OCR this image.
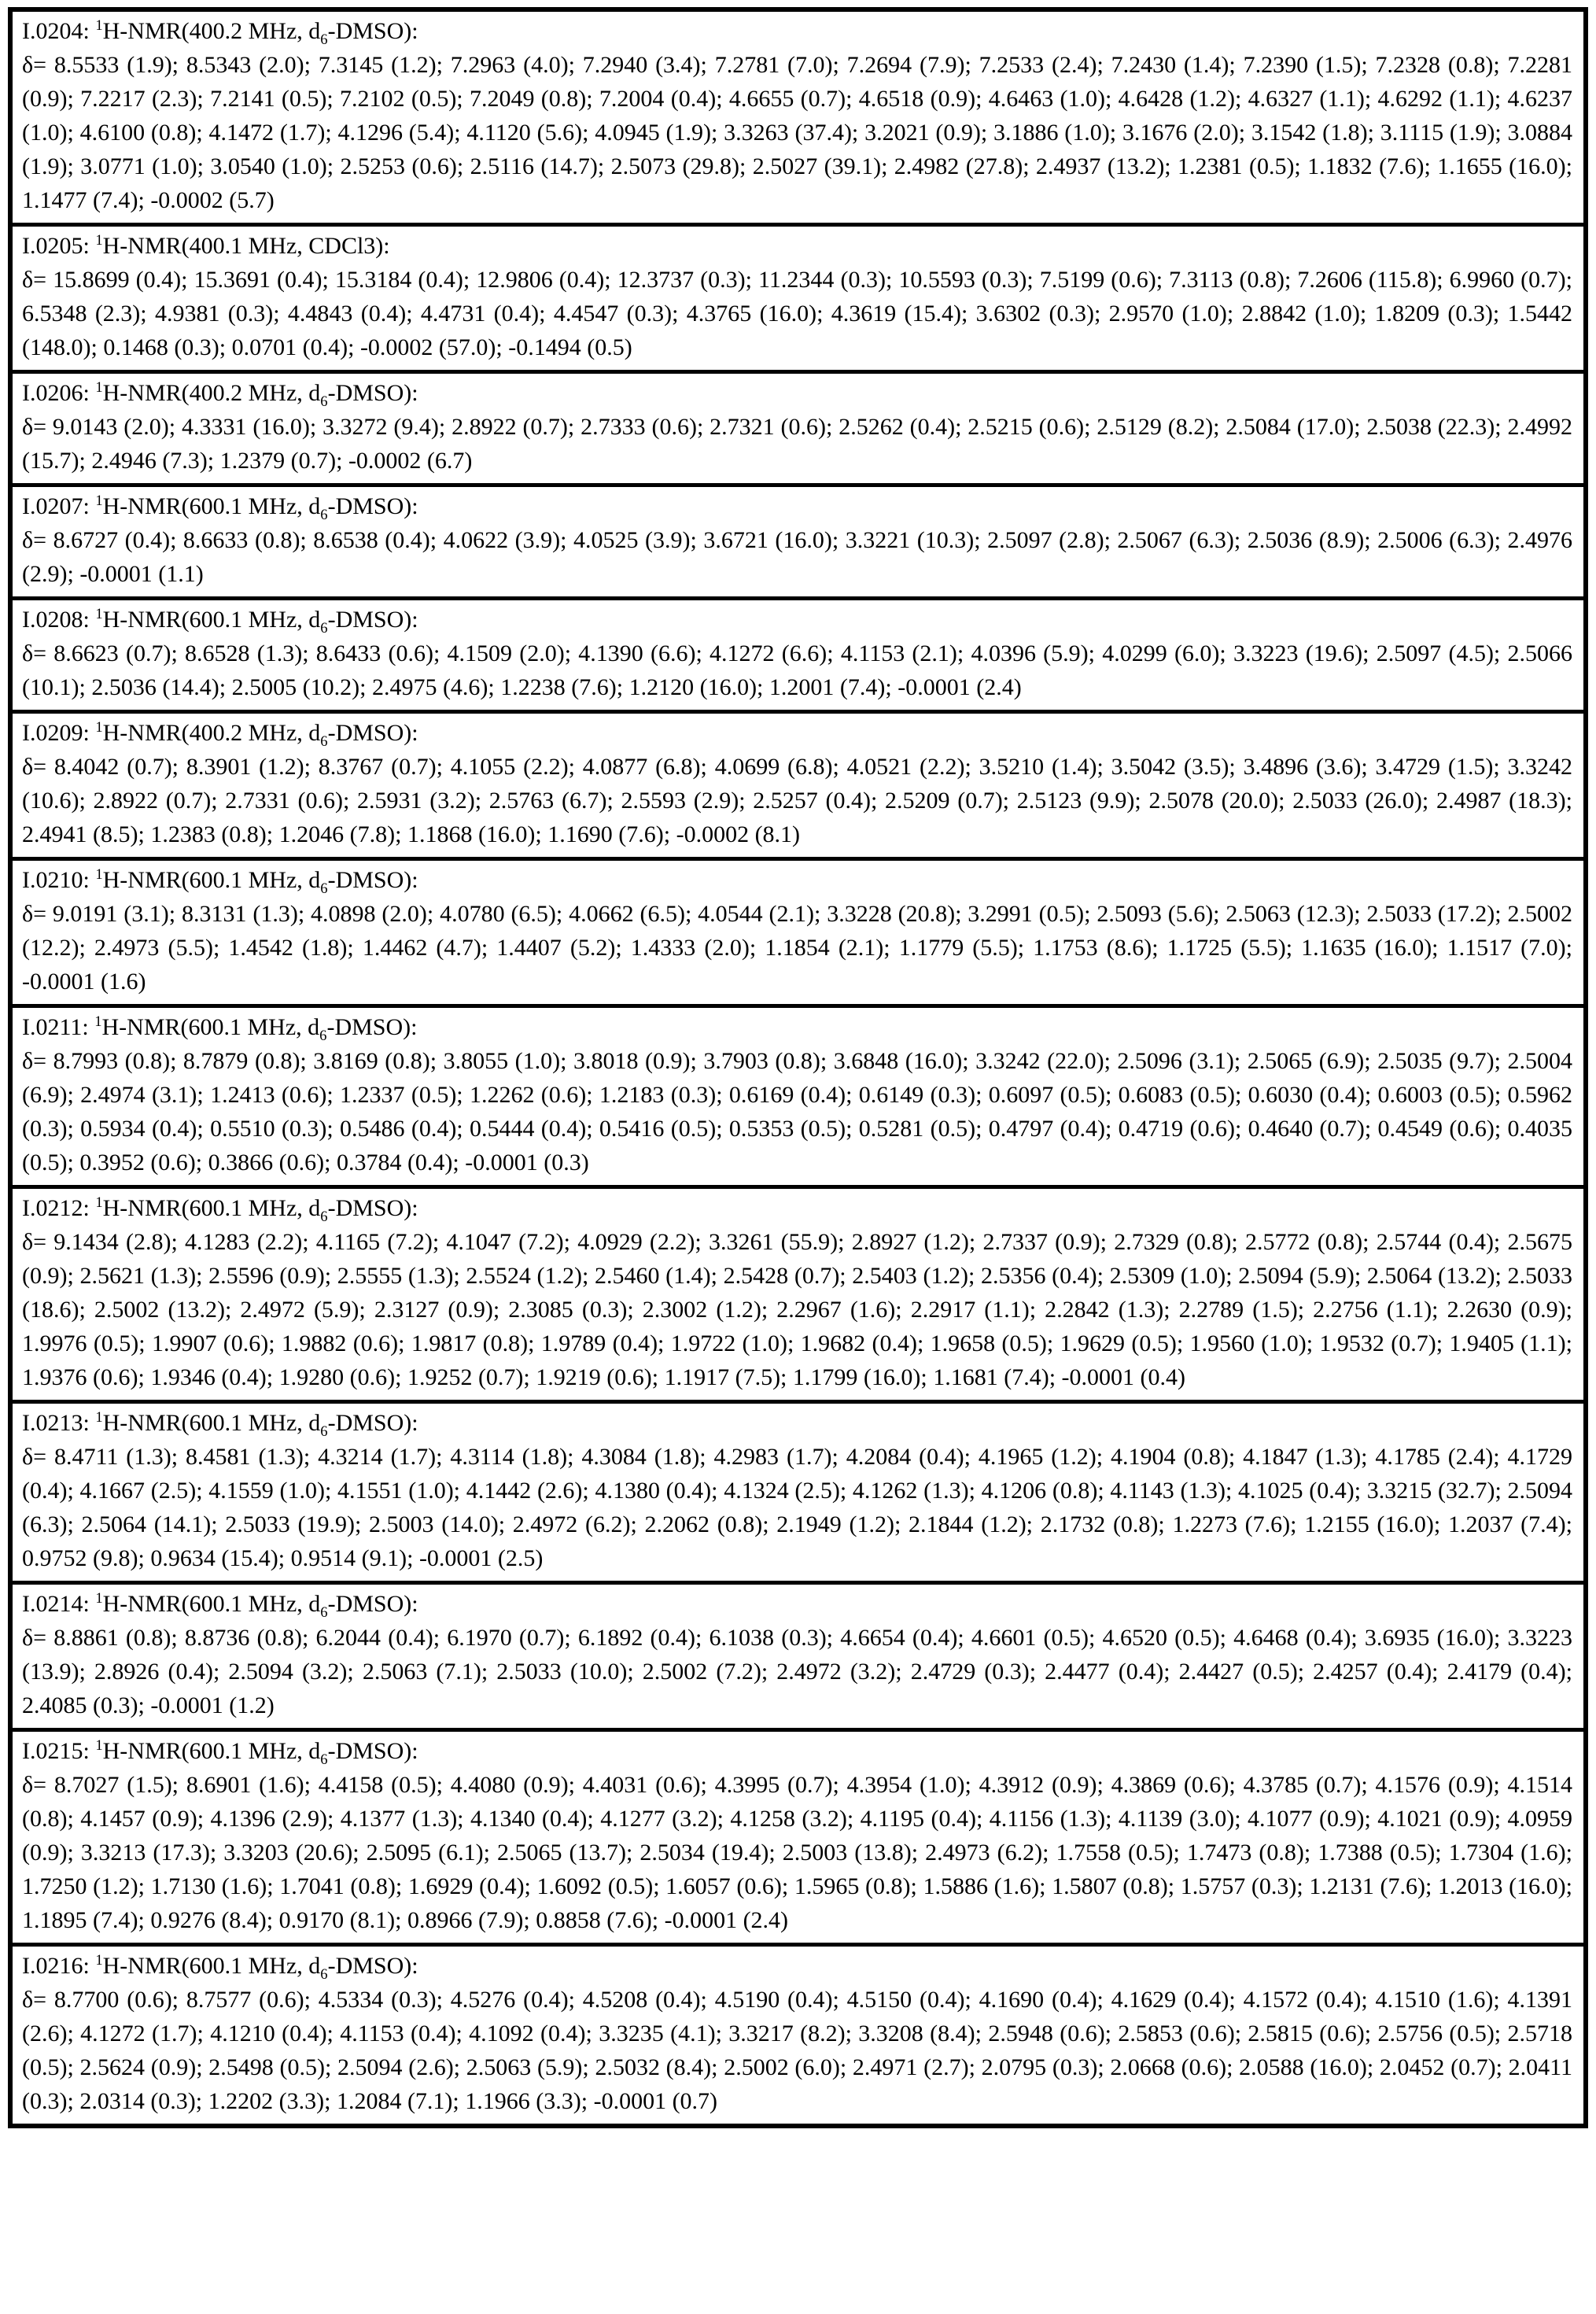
I.0204: $^1$H-NMR(400.2 MHz, $d_6-DMSO$):
δ= 8.5533 (1.9); 8.5343 (2.0); 7.3145 (1.2); 7.2963 (4.0); 7.2940 (3.4); 7.2781 (7.0); 7.2694 (7.9); 7.2533 (2.4); 7.2430 (1.4); 7.2390 (1.5); 7.2328 (0.8); 7.2281 (0.9); 7.2217 (2.3); 7.2141 (0.5); 7.2102 (0.5); 7.2049 (0.8); 7.2004 (0.4); 4.6655 (0.7); 4.6518 (0.9); 4.6463 (1.0); 4.6428 (1.2); 4.6327 (1.1); 4.6292 (1.1); 4.6237 (1.0); 4.6100 (0.8); 4.1472 (1.7); 4.1296 (5.4); 4.1120 (5.6); 4.0945 (1.9); 3.3263 (37.4); 3.2021 (0.9); 3.1886 (1.0); 3.1676 (2.0); 3.1542 (1.8); 3.1115 (1.9); 3.0884 (1.9); 3.0771 (1.0); 3.0540 (1.0); 2.5253 (0.6); 2.5116 (14.7); 2.5073 (29.8); 2.5027 (39.1); 2.4982 (27.8); 2.4937 (13.2); 1.2381 (0.5); 1.1832 (7.6); 1.1655 (16.0); 1.1477 (7.4); -0.0002 (5.7)
I.0205: $^1$H-NMR(400.1 MHz, CDCl3):
δ= 15.8699 (0.4); 15.3691 (0.4); 15.3184 (0.4); 12.9806 (0.4); 12.3737 (0.3); 11.2344 (0.3); 10.5593 (0.3); 7.5199 (0.6); 7.3113 (0.8); 7.2606 (115.8); 6.9960 (0.7); 6.5348 (2.3); 4.9381 (0.3); 4.4843 (0.4); 4.4731 (0.4); 4.4547 (0.3); 4.3765 (16.0); 4.3619 (15.4); 3.6302 (0.3); 2.9570 (1.0); 2.8842 (1.0); 1.8209 (0.3); 1.5442 (148.0); 0.1468 (0.3); 0.0701 (0.4); -0.0002 (57.0); -0.1494 (0.5)
I.0206: $^1$H-NMR(400.2 MHz, $d_6-DMSO$):
δ= 9.0143 (2.0); 4.3331 (16.0); 3.3272 (9.4); 2.8922 (0.7); 2.7333 (0.6); 2.7321 (0.6); 2.5262 (0.4); 2.5215 (0.6); 2.5129 (8.2); 2.5084 (17.0); 2.5038 (22.3); 2.4992 (15.7); 2.4946 (7.3); 1.2379 (0.7); -0.0002 (6.7)
I.0207: $^1$H-NMR(600.1 MHz, $d_6-DMSO$):
δ= 8.6727 (0.4); 8.6633 (0.8); 8.6538 (0.4); 4.0622 (3.9); 4.0525 (3.9); 3.6721 (16.0); 3.3221 (10.3); 2.5097 (2.8); 2.5067 (6.3); 2.5036 (8.9); 2.5006 (6.3); 2.4976 (2.9); -0.0001 (1.1)
I.0208: $^1$H-NMR(600.1 MHz, $d_6-DMSO$):
δ= 8.6623 (0.7); 8.6528 (1.3); 8.6433 (0.6); 4.1509 (2.0); 4.1390 (6.6); 4.1272 (6.6); 4.1153 (2.1); 4.0396 (5.9); 4.0299 (6.0); 3.3223 (19.6); 2.5097 (4.5); 2.5066 (10.1); 2.5036 (14.4); 2.5005 (10.2); 2.4975 (4.6); 1.2238 (7.6); 1.2120 (16.0); 1.2001 (7.4); -0.0001 (2.4)
I.0209: $^1$H-NMR(400.2 MHz, $d_6-DMSO$):
δ= 8.4042 (0.7); 8.3901 (1.2); 8.3767 (0.7); 4.1055 (2.2); 4.0877 (6.8); 4.0699 (6.8); 4.0521 (2.2); 3.5210 (1.4); 3.5042 (3.5); 3.4896 (3.6); 3.4729 (1.5); 3.3242 (10.6); 2.8922 (0.7); 2.7331 (0.6); 2.5931 (3.2); 2.5763 (6.7); 2.5593 (2.9); 2.5257 (0.4); 2.5209 (0.7); 2.5123 (9.9); 2.5078 (20.0); 2.5033 (26.0); 2.4987 (18.3); 2.4941 (8.5); 1.2383 (0.8); 1.2046 (7.8); 1.1868 (16.0); 1.1690 (7.6); -0.0002 (8.1)
I.0210: $^1$H-NMR(600.1 MHz, $d_6-DMSO$):
δ= 9.0191 (3.1); 8.3131 (1.3); 4.0898 (2.0); 4.0780 (6.5); 4.0662 (6.5); 4.0544 (2.1); 3.3228 (20.8); 3.2991 (0.5); 2.5093 (5.6); 2.5063 (12.3); 2.5033 (17.2); 2.5002 (12.2); 2.4973 (5.5); 1.4542 (1.8); 1.4462 (4.7); 1.4407 (5.2); 1.4333 (2.0); 1.1854 (2.1); 1.1779 (5.5); 1.1753 (8.6); 1.1725 (5.5); 1.1635 (16.0); 1.1517 (7.0); -0.0001 (1.6)
I.0211: $^1$H-NMR(600.1 MHz, $d_6-DMSO$):
δ= 8.7993 (0.8); 8.7879 (0.8); 3.8169 (0.8); 3.8055 (1.0); 3.8018 (0.9); 3.7903 (0.8); 3.6848 (16.0); 3.3242 (22.0); 2.5096 (3.1); 2.5065 (6.9); 2.5035 (9.7); 2.5004 (6.9); 2.4974 (3.1); 1.2413 (0.6); 1.2337 (0.5); 1.2262 (0.6); 1.2183 (0.3); 0.6169 (0.4); 0.6149 (0.3); 0.6097 (0.5); 0.6083 (0.5); 0.6030 (0.4); 0.6003 (0.5); 0.5962 (0.3); 0.5934 (0.4); 0.5510 (0.3); 0.5486 (0.4); 0.5444 (0.4); 0.5416 (0.5); 0.5353 (0.5); 0.5281 (0.5); 0.4797 (0.4); 0.4719 (0.6); 0.4640 (0.7); 0.4549 (0.6); 0.4035 (0.5); 0.3952 (0.6); 0.3866 (0.6); 0.3784 (0.4); -0.0001 (0.3)
I.0212: $^1$H-NMR(600.1 MHz, $d_6-DMSO$):
δ= 9.1434 (2.8); 4.1283 (2.2); 4.1165 (7.2); 4.1047 (7.2); 4.0929 (2.2); 3.3261 (55.9); 2.8927 (1.2); 2.7337 (0.9); 2.7329 (0.8); 2.5772 (0.8); 2.5744 (0.4); 2.5675 (0.9); 2.5621 (1.3); 2.5596 (0.9); 2.5555 (1.3); 2.5524 (1.2); 2.5460 (1.4); 2.5428 (0.7); 2.5403 (1.2); 2.5356 (0.4); 2.5309 (1.0); 2.5094 (5.9); 2.5064 (13.2); 2.5033 (18.6); 2.5002 (13.2); 2.4972 (5.9); 2.3127 (0.9); 2.3085 (0.3); 2.3002 (1.2); 2.2967 (1.6); 2.2917 (1.1); 2.2842 (1.3); 2.2789 (1.5); 2.2756 (1.1); 2.2630 (0.9); 1.9976 (0.5); 1.9907 (0.6); 1.9882 (0.6); 1.9817 (0.8); 1.9789 (0.4); 1.9722 (1.0); 1.9682 (0.4); 1.9658 (0.5); 1.9629 (0.5); 1.9560 (1.0); 1.9532 (0.7); 1.9405 (1.1); 1.9376 (0.6); 1.9346 (0.4); 1.9280 (0.6); 1.9252 (0.7); 1.9219 (0.6); 1.1917 (7.5); 1.1799 (16.0); 1.1681 (7.4); -0.0001 (0.4)
I.0213: $^1$H-NMR(600.1 MHz, $d_6-DMSO$):
δ= 8.4711 (1.3); 8.4581 (1.3); 4.3214 (1.7); 4.3114 (1.8); 4.3084 (1.8); 4.2983 (1.7); 4.2084 (0.4); 4.1965 (1.2); 4.1904 (0.8); 4.1847 (1.3); 4.1785 (2.4); 4.1729 (0.4); 4.1667 (2.5); 4.1559 (1.0); 4.1551 (1.0); 4.1442 (2.6); 4.1380 (0.4); 4.1324 (2.5); 4.1262 (1.3); 4.1206 (0.8); 4.1143 (1.3); 4.1025 (0.4); 3.3215 (32.7); 2.5094 (6.3); 2.5064 (14.1); 2.5033 (19.9); 2.5003 (14.0); 2.4972 (6.2); 2.2062 (0.8); 2.1949 (1.2); 2.1844 (1.2); 2.1732 (0.8); 1.2273 (7.6); 1.2155 (16.0); 1.2037 (7.4); 0.9752 (9.8); 0.9634 (15.4); 0.9514 (9.1); -0.0001 (2.5)
I.0214: $^1$H-NMR(600.1 MHz, $d_6-DMSO$):
δ= 8.8861 (0.8); 8.8736 (0.8); 6.2044 (0.4); 6.1970 (0.7); 6.1892 (0.4); 6.1038 (0.3); 4.6654 (0.4); 4.6601 (0.5); 4.6520 (0.5); 4.6468 (0.4); 3.6935 (16.0); 3.3223 (13.9); 2.8926 (0.4); 2.5094 (3.2); 2.5063 (7.1); 2.5033 (10.0); 2.5002 (7.2); 2.4972 (3.2); 2.4729 (0.3); 2.4477 (0.4); 2.4427 (0.5); 2.4257 (0.4); 2.4179 (0.4); 2.4085 (0.3); -0.0001 (1.2)
I.0215: $^1$H-NMR(600.1 MHz, $d_6-DMSO$):
δ= 8.7027 (1.5); 8.6901 (1.6); 4.4158 (0.5); 4.4080 (0.9); 4.4031 (0.6); 4.3995 (0.7); 4.3954 (1.0); 4.3912 (0.9); 4.3869 (0.6); 4.3785 (0.7); 4.1576 (0.9); 4.1514 (0.8); 4.1457 (0.9); 4.1396 (2.9); 4.1377 (1.3); 4.1340 (0.4); 4.1277 (3.2); 4.1258 (3.2); 4.1195 (0.4); 4.1156 (1.3); 4.1139 (3.0); 4.1077 (0.9); 4.1021 (0.9); 4.0959 (0.9); 3.3213 (17.3); 3.3203 (20.6); 2.5095 (6.1); 2.5065 (13.7); 2.5034 (19.4); 2.5003 (13.8); 2.4973 (6.2); 1.7558 (0.5); 1.7473 (0.8); 1.7388 (0.5); 1.7304 (1.6); 1.7250 (1.2); 1.7130 (1.6); 1.7041 (0.8); 1.6929 (0.4); 1.6092 (0.5); 1.6057 (0.6); 1.5965 (0.8); 1.5886 (1.6); 1.5807 (0.8); 1.5757 (0.3); 1.2131 (7.6); 1.2013 (16.0); 1.1895 (7.4); 0.9276 (8.4); 0.9170 (8.1); 0.8966 (7.9); 0.8858 (7.6); -0.0001 (2.4)
I.0216: $^1$H-NMR(600.1 MHz, $d_6-DMSO$):
δ= 8.7700 (0.6); 8.7577 (0.6); 4.5334 (0.3); 4.5276 (0.4); 4.5208 (0.4); 4.5190 (0.4); 4.5150 (0.4); 4.1690 (0.4); 4.1629 (0.4); 4.1572 (0.4); 4.1510 (1.6); 4.1391 (2.6); 4.1272 (1.7); 4.1210 (0.4); 4.1153 (0.4); 4.1092 (0.4); 3.3235 (4.1); 3.3217 (8.2); 3.3208 (8.4); 2.5948 (0.6); 2.5853 (0.6); 2.5815 (0.6); 2.5756 (0.5); 2.5718 (0.5); 2.5624 (0.9); 2.5498 (0.5); 2.5094 (2.6); 2.5063 (5.9); 2.5032 (8.4); 2.5002 (6.0); 2.4971 (2.7); 2.0795 (0.3); 2.0668 (0.6); 2.0588 (16.0); 2.0452 (0.7); 2.0411 (0.3); 2.0314 (0.3); 1.2202 (3.3); 1.2084 (7.1); 1.1966 (3.3); -0.0001 (0.7)
